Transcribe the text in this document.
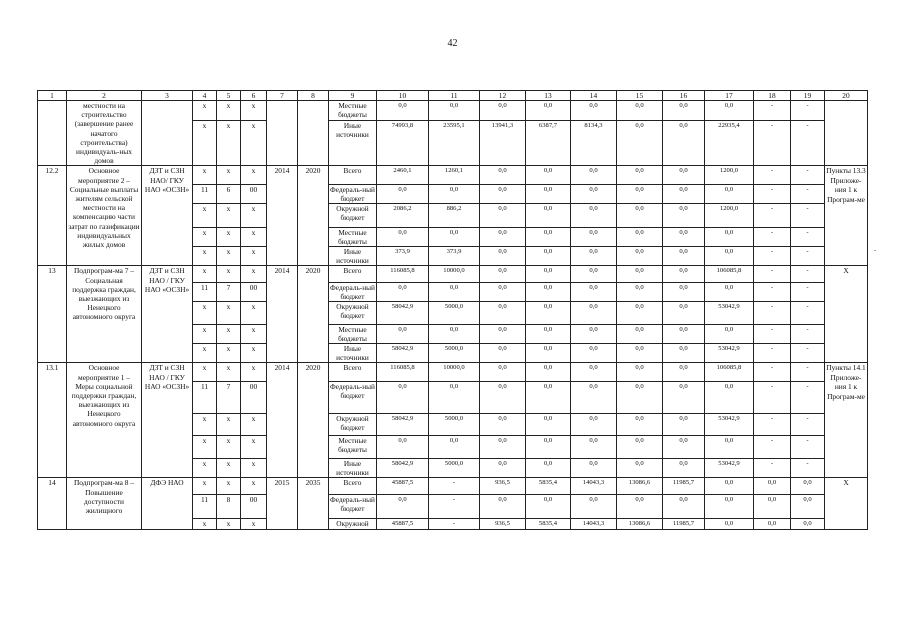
42
1	2	3	4	5	6	7	8	9	10	11	12	13	14	15	16	17	18	19	20
	местности на строительство (завершение ранее начатого строительства) индивидуаль-ных домов		x	x	x			Местные бюджеты	0,0	0,0	0,0	0,0	0,0	0,0	0,0	0,0	-	-	
			x	x	x			Иные источники	74993,8	23595,1	13941,3	6387,7	8134,3	0,0	0,0	22935,4	-	-	
12.2	Основное мероприятие 2 – Социальные выплаты жителям сельской местности на компенсацию части затрат по газификации индивидуальных жилых домов	ДЗТ и СЗН НАО/ ГКУ НАО «ОСЗН»	x	x	x	2014	2020	Всего	2460,1	1260,1	0,0	0,0	0,0	0,0	0,0	1200,0	-	-	Пункты 13.3 Приложе-ния 1 к Програм-ме
			11	6	00			Федераль-ный бюджет	0,0	0,0	0,0	0,0	0,0	0,0	0,0	0,0	-	-	
			x	x	x			Окружной бюджет	2086,2	886,2	0,0	0,0	0,0	0,0	0,0	1200,0	-	-	
			x	x	x			Местные бюджеты	0,0	0,0	0,0	0,0	0,0	0,0	0,0	0,0	-	-	
			x	x	x			Иные источники	373,9	373,9	0,0	0,0	0,0	0,0	0,0	0,0	-	-	
13	Подпрограм-ма 7 – Социальная поддержка граждан, выезжающих из Ненецкого автономного округа	ДЗТ и СЗН НАО / ГКУ НАО «ОСЗН»	x	x	x	2014	2020	Всего	116085,8	10000,0	0,0	0,0	0,0	0,0	0,0	106085,8	-	-	Х
			11	7	00			Федераль-ный бюджет	0,0	0,0	0,0	0,0	0,0	0,0	0,0	0,0	-	-	
			x	x	x			Окружной бюджет	58042,9	5000,0	0,0	0,0	0,0	0,0	0,0	53042,9	-	-	
			x	x	x			Местные бюджеты	0,0	0,0	0,0	0,0	0,0	0,0	0,0	0,0	-	-	
			x	x	x			Иные источники	58042,9	5000,0	0,0	0,0	0,0	0,0	0,0	53042,9	-	-	
13.1	Основное мероприятие 1 – Меры социальной поддержки граждан, выезжающих из Ненецкого автономного округа	ДЗТ и СЗН НАО / ГКУ НАО «ОСЗН»	x	x	x	2014	2020	Всего	116085,8	10000,0	0,0	0,0	0,0	0,0	0,0	106085,8	-	-	Пункты 14.1 Приложе-ния 1 к Програм-ме
			11	7	00			Федераль-ный бюджет	0,0	0,0	0,0	0,0	0,0	0,0	0,0	0,0	-	-	
			x	x	x			Окружной бюджет	58042,9	5000,0	0,0	0,0	0,0	0,0	0,0	53042,9	-	-	
			x	x	x			Местные бюджеты	0,0	0,0	0,0	0,0	0,0	0,0	0,0	0,0	-	-	
			x	x	x			Иные источники	58042,9	5000,0	0,0	0,0	0,0	0,0	0,0	53042,9	-	-	
14	Подпрограм-ма 8 – Повышение доступности жилищного	ДФЭ НАО	x	x	x	2015	2035	Всего	45887,5	-	936,5	5835,4	14043,3	13086,6	11985,7	0,0	0,0	0,0	Х
			11	8	00			Федераль-ный бюджет	0,0	-	0,0	0,0	0,0	0,0	0,0	0,0	0,0	0,0	
			x	x	x			Окружной	45887,5	-	936,5	5835,4	14043,3	13086,6	11985,7	0,0	0,0	0,0	
.
